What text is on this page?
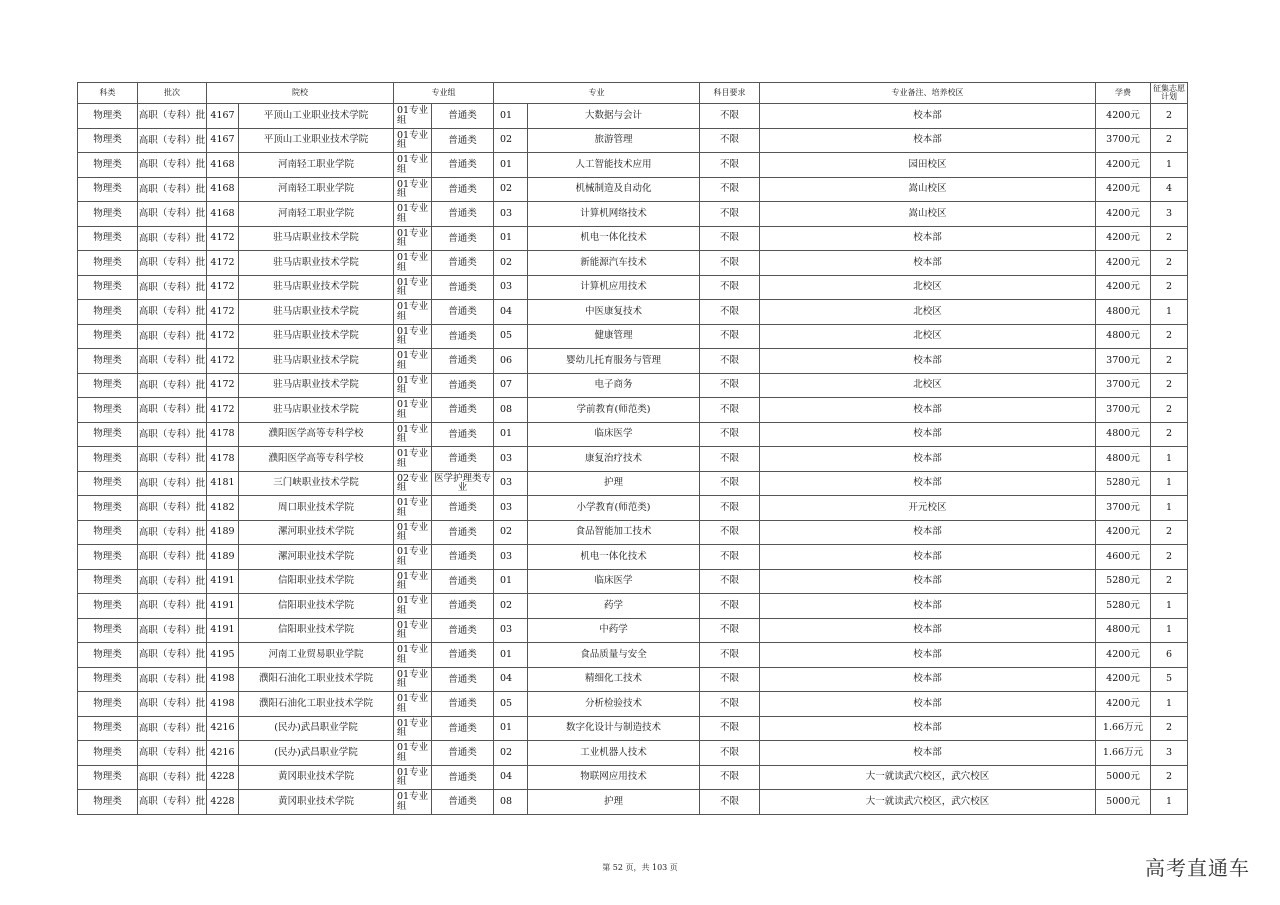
科类	批次	院校		专业组		专业		科目要求	专业备注、培养校区	学费	征集志愿计划
物理类	高职（专科）批	4167	平顶山工业职业技术学院	01专业组	普通类	01	大数据与会计	不限	校本部	4200元	2
物理类	高职（专科）批	4167	平顶山工业职业技术学院	01专业组	普通类	02	旅游管理	不限	校本部	3700元	2
物理类	高职（专科）批	4168	河南轻工职业学院	01专业组	普通类	01	人工智能技术应用	不限	园田校区	4200元	1
物理类	高职（专科）批	4168	河南轻工职业学院	01专业组	普通类	02	机械制造及自动化	不限	嵩山校区	4200元	4
物理类	高职（专科）批	4168	河南轻工职业学院	01专业组	普通类	03	计算机网络技术	不限	嵩山校区	4200元	3
物理类	高职（专科）批	4172	驻马店职业技术学院	01专业组	普通类	01	机电一体化技术	不限	校本部	4200元	2
物理类	高职（专科）批	4172	驻马店职业技术学院	01专业组	普通类	02	新能源汽车技术	不限	校本部	4200元	2
物理类	高职（专科）批	4172	驻马店职业技术学院	01专业组	普通类	03	计算机应用技术	不限	北校区	4200元	2
物理类	高职（专科）批	4172	驻马店职业技术学院	01专业组	普通类	04	中医康复技术	不限	北校区	4800元	1
物理类	高职（专科）批	4172	驻马店职业技术学院	01专业组	普通类	05	健康管理	不限	北校区	4800元	2
物理类	高职（专科）批	4172	驻马店职业技术学院	01专业组	普通类	06	婴幼儿托育服务与管理	不限	校本部	3700元	2
物理类	高职（专科）批	4172	驻马店职业技术学院	01专业组	普通类	07	电子商务	不限	北校区	3700元	2
物理类	高职（专科）批	4172	驻马店职业技术学院	01专业组	普通类	08	学前教育(师范类)	不限	校本部	3700元	2
物理类	高职（专科）批	4178	濮阳医学高等专科学校	01专业组	普通类	01	临床医学	不限	校本部	4800元	2
物理类	高职（专科）批	4178	濮阳医学高等专科学校	01专业组	普通类	03	康复治疗技术	不限	校本部	4800元	1
物理类	高职（专科）批	4181	三门峡职业技术学院	02专业组	医学护理类专业	03	护理	不限	校本部	5280元	1
物理类	高职（专科）批	4182	周口职业技术学院	01专业组	普通类	03	小学教育(师范类)	不限	开元校区	3700元	1
物理类	高职（专科）批	4189	漯河职业技术学院	01专业组	普通类	02	食品智能加工技术	不限	校本部	4200元	2
物理类	高职（专科）批	4189	漯河职业技术学院	01专业组	普通类	03	机电一体化技术	不限	校本部	4600元	2
物理类	高职（专科）批	4191	信阳职业技术学院	01专业组	普通类	01	临床医学	不限	校本部	5280元	2
物理类	高职（专科）批	4191	信阳职业技术学院	01专业组	普通类	02	药学	不限	校本部	5280元	1
物理类	高职（专科）批	4191	信阳职业技术学院	01专业组	普通类	03	中药学	不限	校本部	4800元	1
物理类	高职（专科）批	4195	河南工业贸易职业学院	01专业组	普通类	01	食品质量与安全	不限	校本部	4200元	6
物理类	高职（专科）批	4198	濮阳石油化工职业技术学院	01专业组	普通类	04	精细化工技术	不限	校本部	4200元	5
物理类	高职（专科）批	4198	濮阳石油化工职业技术学院	01专业组	普通类	05	分析检验技术	不限	校本部	4200元	1
物理类	高职（专科）批	4216	(民办)武昌职业学院	01专业组	普通类	01	数字化设计与制造技术	不限	校本部	1.66万元	2
物理类	高职（专科）批	4216	(民办)武昌职业学院	01专业组	普通类	02	工业机器人技术	不限	校本部	1.66万元	3
物理类	高职（专科）批	4228	黄冈职业技术学院	01专业组	普通类	04	物联网应用技术	不限	大一就读武穴校区，武穴校区	5000元	2
物理类	高职（专科）批	4228	黄冈职业技术学院	01专业组	普通类	08	护理	不限	大一就读武穴校区，武穴校区	5000元	1
第 52 页，共 103 页	高考直通车
